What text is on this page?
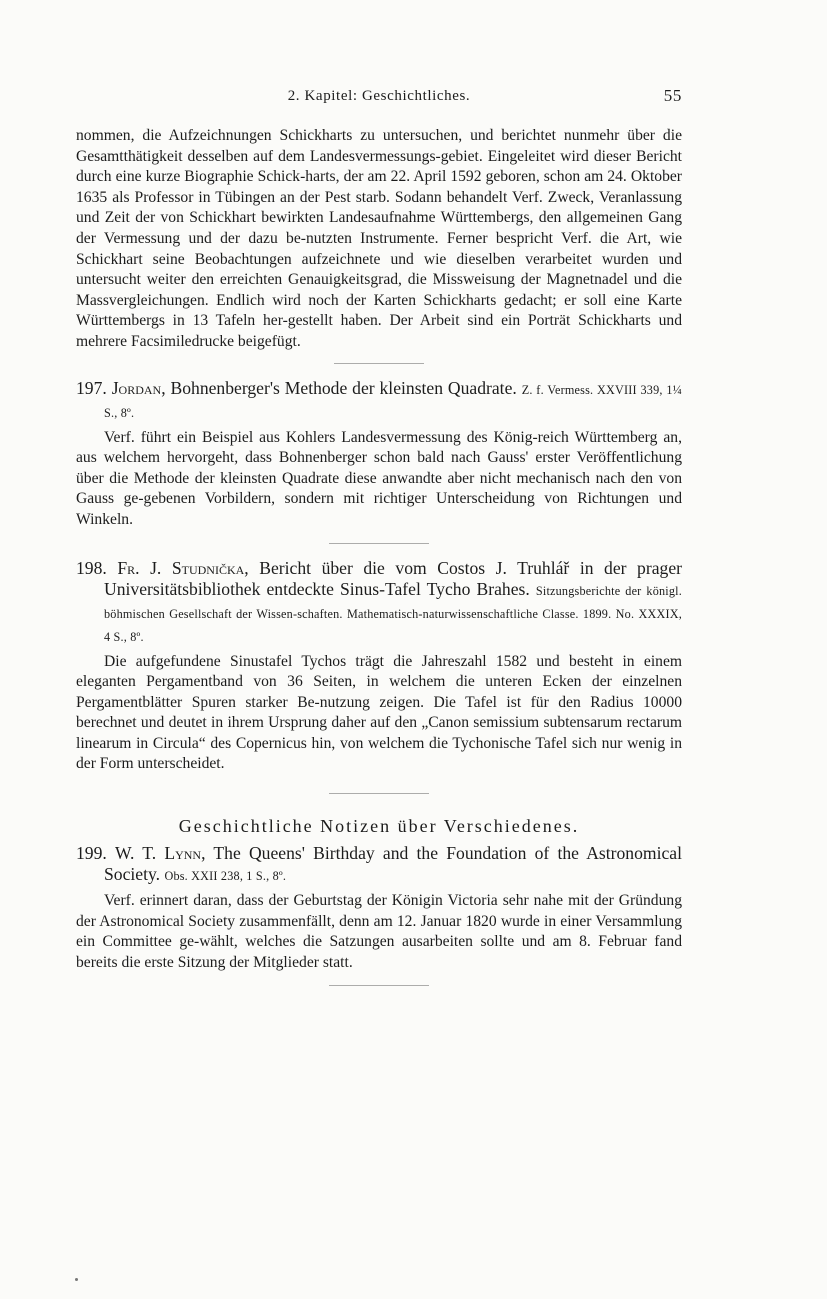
2. Kapitel: Geschichtliches.	55

nommen, die Aufzeichnungen Schickharts zu untersuchen, und berichtet nunmehr über die Gesamtthätigkeit desselben auf dem Landesvermessungs-gebiet. Eingeleitet wird dieser Bericht durch eine kurze Biographie Schick-harts, der am 22. April 1592 geboren, schon am 24. Oktober 1635 als Professor in Tübingen an der Pest starb. Sodann behandelt Verf. Zweck, Veranlassung und Zeit der von Schickhart bewirkten Landesaufnahme Württembergs, den allgemeinen Gang der Vermessung und der dazu be-nutzten Instrumente. Ferner bespricht Verf. die Art, wie Schickhart seine Beobachtungen aufzeichnete und wie dieselben verarbeitet wurden und untersucht weiter den erreichten Genauigkeitsgrad, die Missweisung der Magnetnadel und die Massvergleichungen. Endlich wird noch der Karten Schickharts gedacht; er soll eine Karte Württembergs in 13 Tafeln her-gestellt haben. Der Arbeit sind ein Porträt Schickharts und mehrere Facsimiledrucke beigefügt.

197. Jordan, Bohnenberger's Methode der kleinsten Quadrate. Z. f. Vermess. XXVIII 339, 1¼ S., 8º.

Verf. führt ein Beispiel aus Kohlers Landesvermessung des König-reich Württemberg an, aus welchem hervorgeht, dass Bohnenberger schon bald nach Gauss' erster Veröffentlichung über die Methode der kleinsten Quadrate diese anwandte aber nicht mechanisch nach den von Gauss ge-gebenen Vorbildern, sondern mit richtiger Unterscheidung von Richtungen und Winkeln.

198. Fr. J. Studnička, Bericht über die vom Costos J. Truhlář in der prager Universitätsbibliothek entdeckte Sinus-Tafel Tycho Brahes. Sitzungsberichte der königl. böhmischen Gesellschaft der Wissen-schaften. Mathematisch-naturwissenschaftliche Classe. 1899. No. XXXIX, 4 S., 8º.

Die aufgefundene Sinustafel Tychos trägt die Jahreszahl 1582 und besteht in einem eleganten Pergamentband von 36 Seiten, in welchem die unteren Ecken der einzelnen Pergamentblätter Spuren starker Be-nutzung zeigen. Die Tafel ist für den Radius 10000 berechnet und deutet in ihrem Ursprung daher auf den „Canon semissium subtensarum rectarum linearum in Circula“ des Copernicus hin, von welchem die Tychonische Tafel sich nur wenig in der Form unterscheidet.

Geschichtliche Notizen über Verschiedenes.

199. W. T. Lynn, The Queens' Birthday and the Foundation of the Astronomical Society. Obs. XXII 238, 1 S., 8º.

Verf. erinnert daran, dass der Geburtstag der Königin Victoria sehr nahe mit der Gründung der Astronomical Society zusammenfällt, denn am 12. Januar 1820 wurde in einer Versammlung ein Committee ge-wählt, welches die Satzungen ausarbeiten sollte und am 8. Februar fand bereits die erste Sitzung der Mitglieder statt.
